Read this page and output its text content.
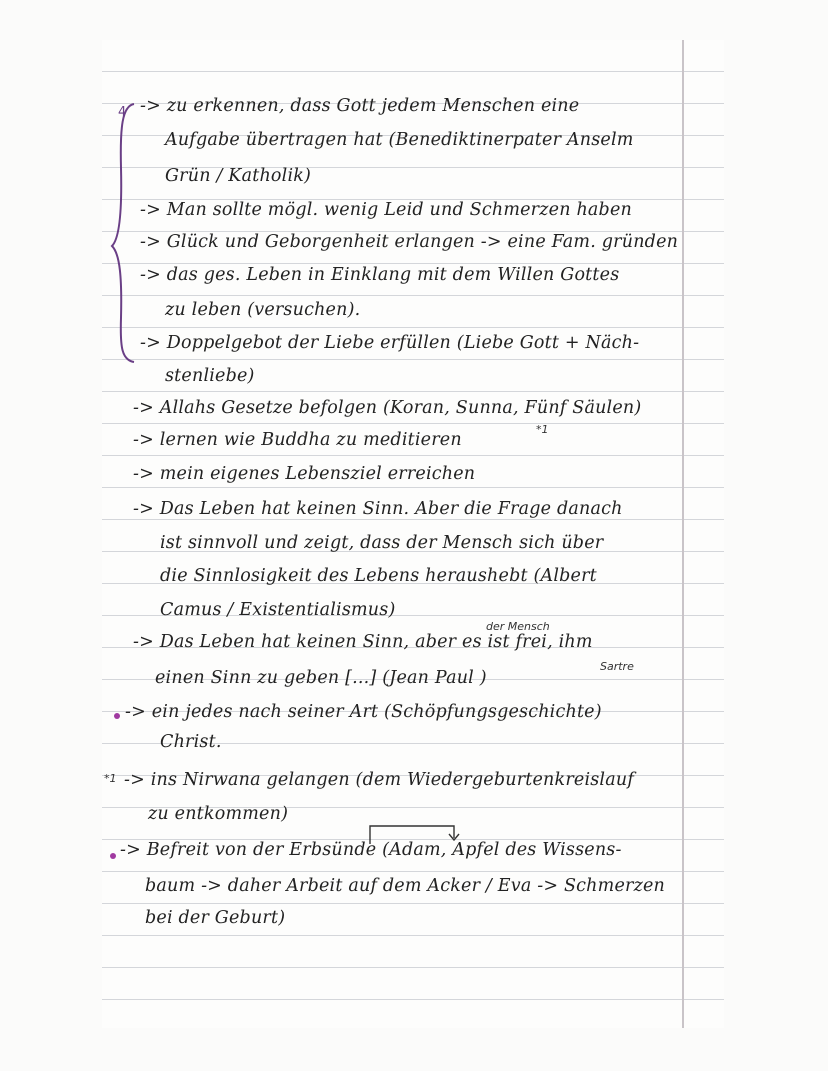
4 -> zu erkennen, dass Gott jedem Menschen eine
Aufgabe übertragen hat (Benediktinerpater Anselm
Grün / Katholik)
-> Man sollte mögl. wenig Leid und Schmerzen haben
-> Glück und Geborgenheit erlangen -> eine Fam. gründen
-> das ges. Leben in Einklang mit dem Willen Gottes
zu leben (versuchen).
-> Doppelgebot der Liebe erfüllen (Liebe Gott + Näch-
stenliebe)
-> Allahs Gesetze befolgen (Koran, Sunna, Fünf Säulen)
-> lernen wie Buddha zu meditieren
*1
-> mein eigenes Lebensziel erreichen
-> Das Leben hat keinen Sinn. Aber die Frage danach
ist sinnvoll und zeigt, dass der Mensch sich über
die Sinnlosigkeit des Lebens heraushebt (Albert
Camus / Existentialismus)
der Mensch
-> Das Leben hat keinen Sinn, aber es ist frei, ihm
Sartre
einen Sinn zu geben [...] (Jean Paul )
-> ein jedes nach seiner Art (Schöpfungsgeschichte)
Christ.
*1 -> ins Nirwana gelangen (dem Wiedergeburtenkreislauf
zu entkommen)
-> Befreit von der Erbsünde (Adam, Apfel des Wissens-
baum -> daher Arbeit auf dem Acker / Eva -> Schmerzen
bei der Geburt)
